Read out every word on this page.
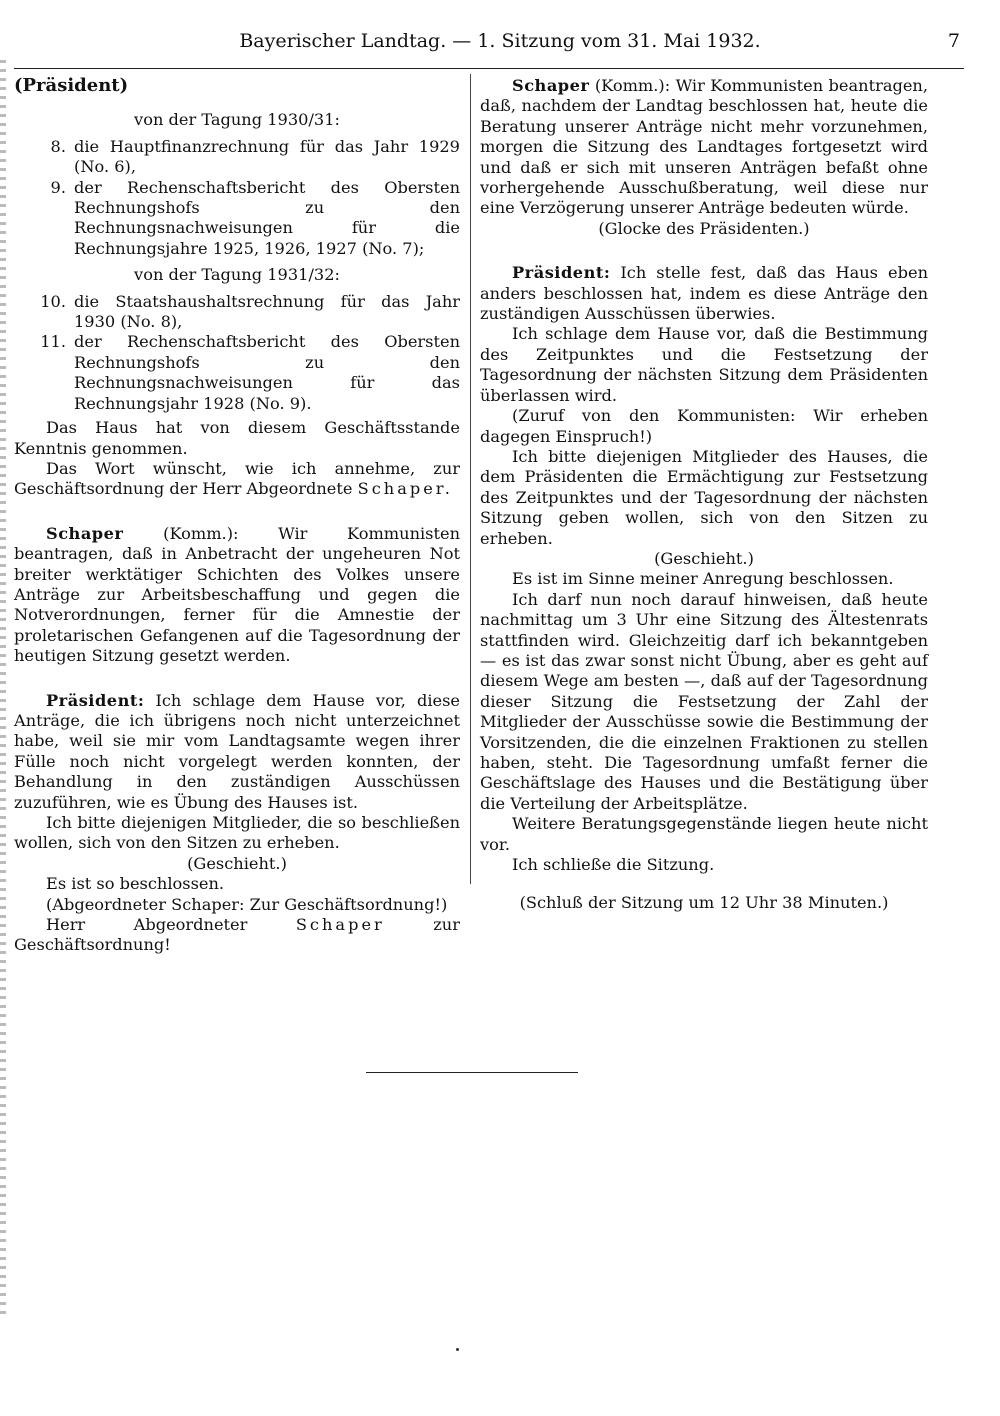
Bayerischer Landtag. — 1. Sitzung vom 31. Mai 1932.	7

(Präsident)

von der Tagung 1930/31:

8. die Hauptfinanzrechnung für das Jahr 1929 (No. 6),
9. der Rechenschaftsbericht des Obersten Rechnungshofs zu den Rechnungsnachweisungen für die Rechnungsjahre 1925, 1926, 1927 (No. 7);

von der Tagung 1931/32:

10. die Staatshaushaltsrechnung für das Jahr 1930 (No. 8),
11. der Rechenschaftsbericht des Obersten Rechnungshofs zu den Rechnungsnachweisungen für das Rechnungsjahr 1928 (No. 9).

Das Haus hat von diesem Geschäftsstande Kenntnis genommen.

Das Wort wünscht, wie ich annehme, zur Geschäftsordnung der Herr Abgeordnete Schaper.

Schaper (Komm.): Wir Kommunisten beantragen, daß in Anbetracht der ungeheuren Not breiter werktätiger Schichten des Volkes unsere Anträge zur Arbeitsbeschaffung und gegen die Notverordnungen, ferner für die Amnestie der proletarischen Gefangenen auf die Tagesordnung der heutigen Sitzung gesetzt werden.

Präsident: Ich schlage dem Hause vor, diese Anträge, die ich übrigens noch nicht unterzeichnet habe, weil sie mir vom Landtagsamte wegen ihrer Fülle noch nicht vorgelegt werden konnten, der Behandlung in den zuständigen Ausschüssen zuzuführen, wie es Übung des Hauses ist.

Ich bitte diejenigen Mitglieder, die so beschließen wollen, sich von den Sitzen zu erheben.

(Geschieht.)

Es ist so beschlossen.

(Abgeordneter Schaper: Zur Geschäftsordnung!)

Herr Abgeordneter	Schaper	zur Geschäftsordnung!

Schaper (Komm.): Wir Kommunisten beantragen, daß, nachdem der Landtag beschlossen hat, heute die Beratung unserer Anträge nicht mehr vorzunehmen, morgen die Sitzung des Landtages fortgesetzt wird und daß er sich mit unseren Anträgen befaßt ohne vorhergehende Ausschußberatung, weil diese nur eine Verzögerung unserer Anträge bedeuten würde.

(Glocke des Präsidenten.)

Präsident: Ich stelle fest, daß das Haus eben anders beschlossen hat, indem es diese Anträge den zuständigen Ausschüssen überwies.

Ich schlage dem Hause vor, daß die Bestimmung des Zeitpunktes und die Festsetzung der Tagesordnung der nächsten Sitzung dem Präsidenten überlassen wird.

(Zuruf von den Kommunisten: Wir erheben dagegen Einspruch!)

Ich bitte diejenigen Mitglieder des Hauses, die dem Präsidenten die Ermächtigung zur Festsetzung des Zeitpunktes und der Tagesordnung der nächsten Sitzung geben wollen, sich von den Sitzen zu erheben.

(Geschieht.)

Es ist im Sinne meiner Anregung beschlossen.

Ich darf nun noch darauf hinweisen, daß heute nachmittag um 3 Uhr eine Sitzung des Ältestenrats stattfinden wird. Gleichzeitig darf ich bekanntgeben — es ist das zwar sonst nicht Übung, aber es geht auf diesem Wege am besten —, daß auf der Tagesordnung dieser Sitzung die Festsetzung der Zahl der Mitglieder der Ausschüsse sowie die Bestimmung der Vorsitzenden, die die einzelnen Fraktionen zu stellen haben, steht. Die Tagesordnung umfaßt ferner die Geschäftslage des Hauses und die Bestätigung über die Verteilung der Arbeitsplätze.

Weitere Beratungsgegenstände liegen heute nicht vor.

Ich schließe die Sitzung.

(Schluß der Sitzung um 12 Uhr 38 Minuten.)
